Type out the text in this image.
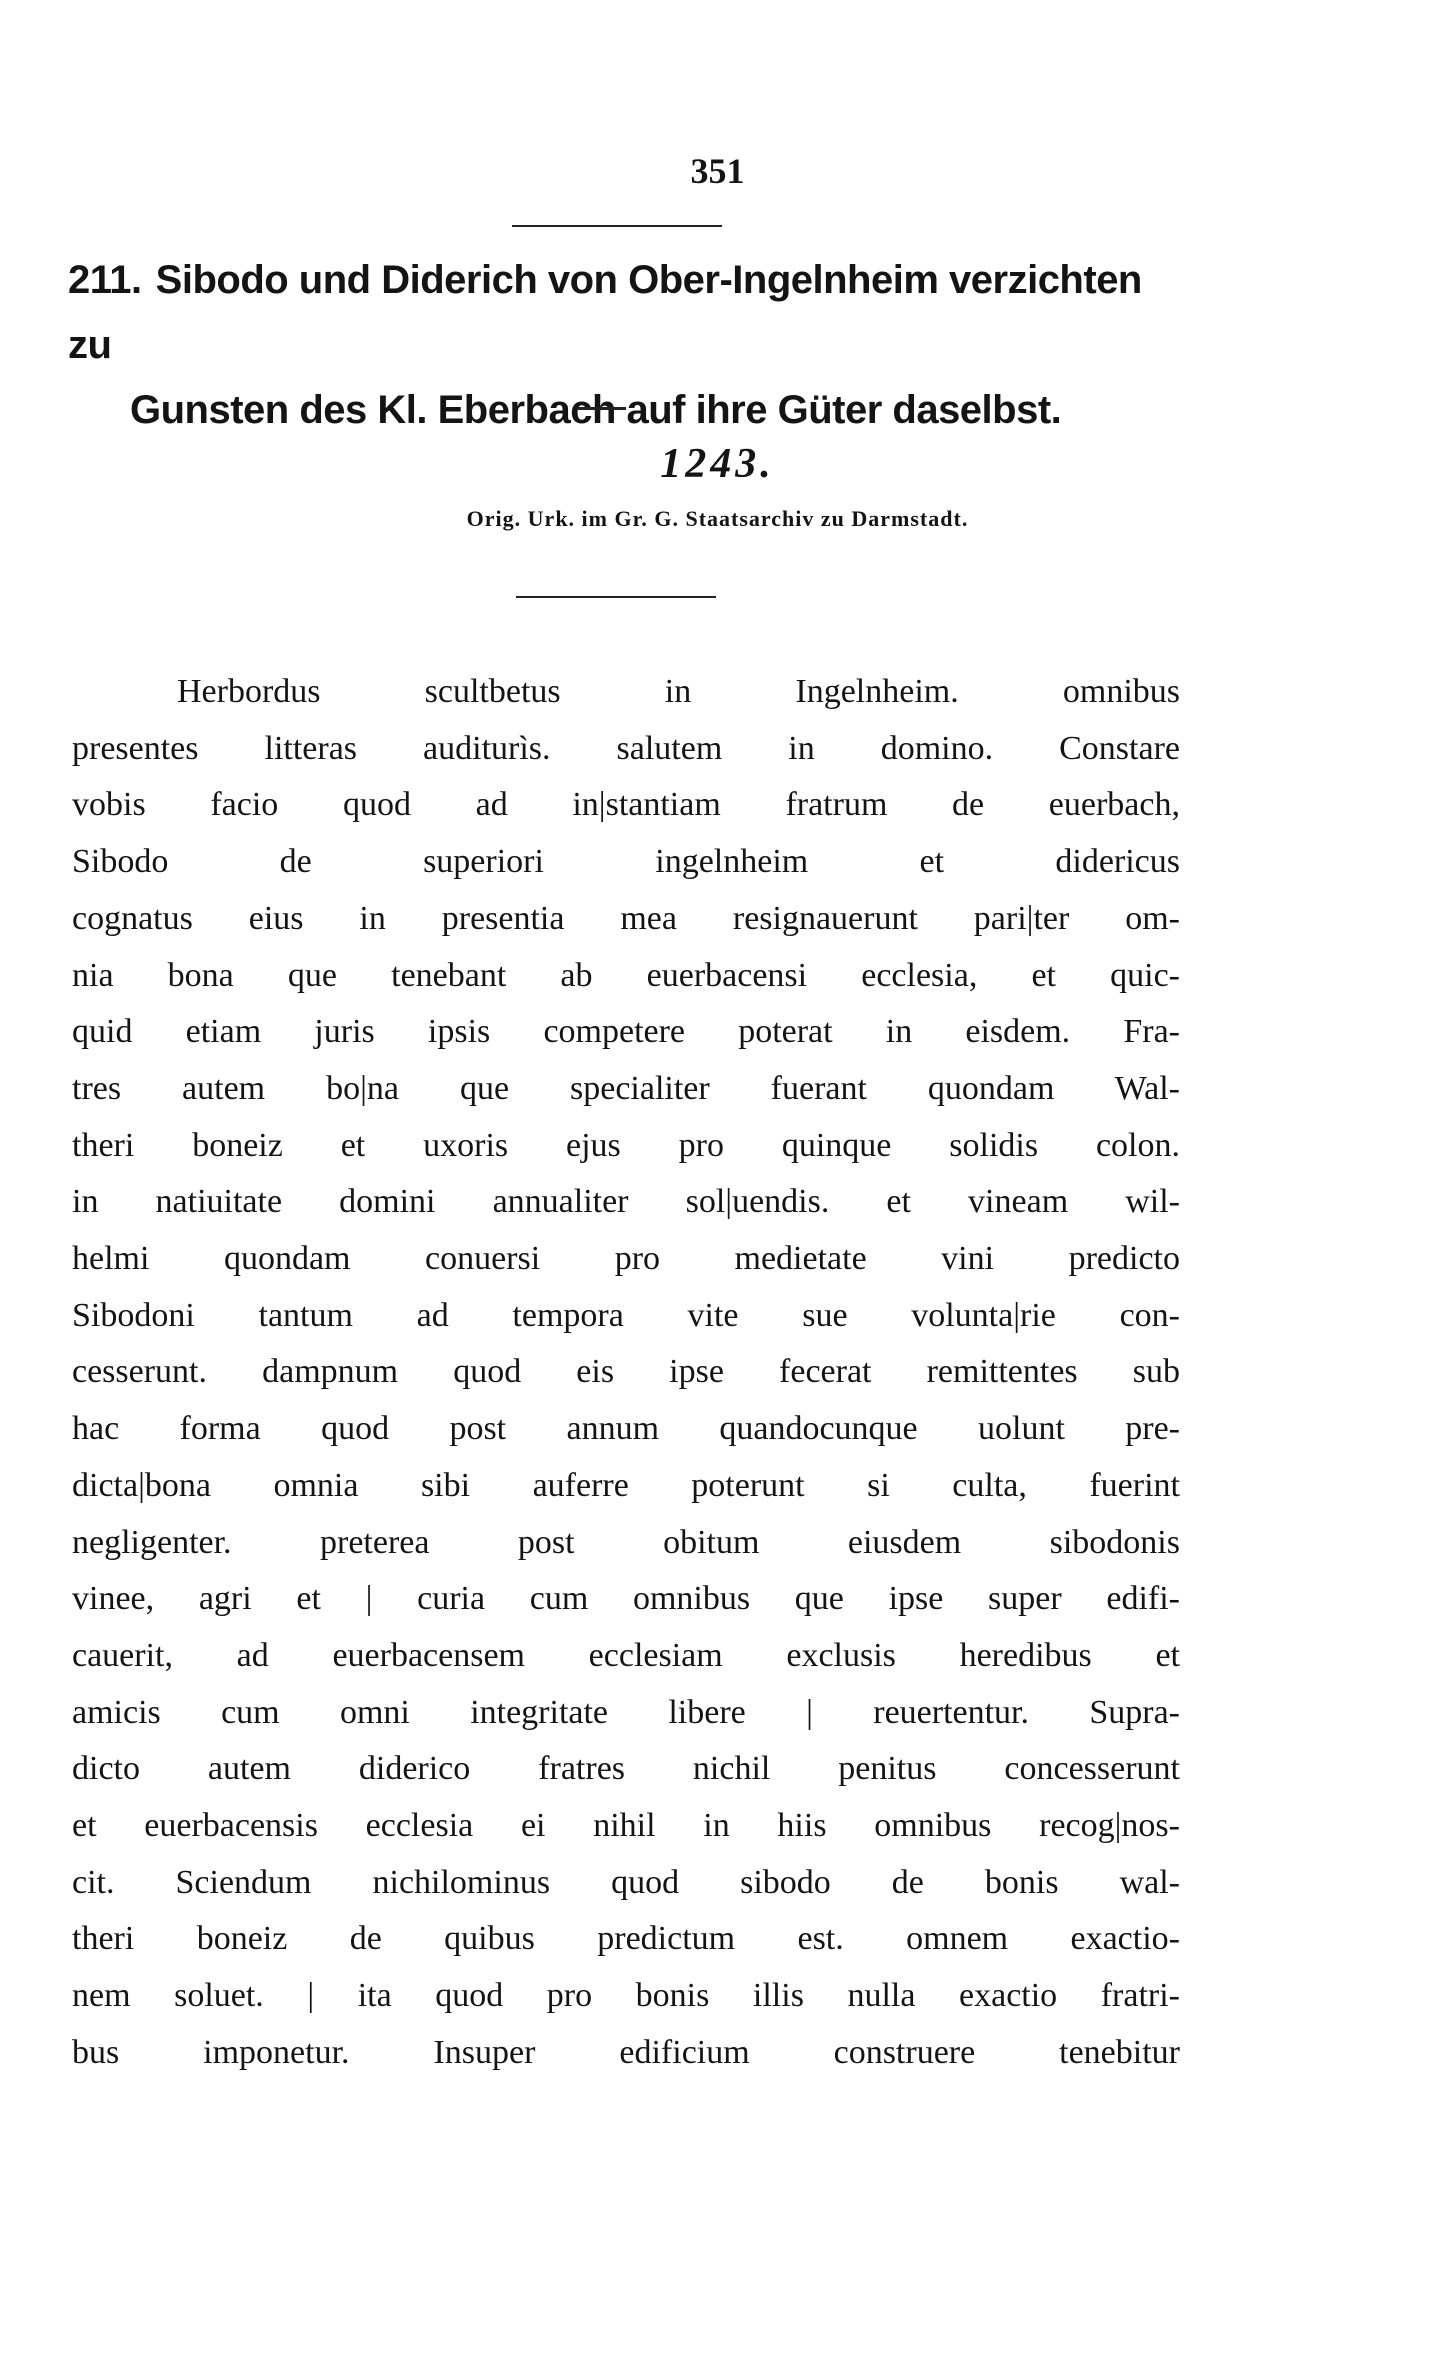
351
211. Sibodo und Diderich von Ober-Ingelnheim verzichten zu
Gunsten des Kl. Eberbach auf ihre Güter daselbst.
1243.
Orig. Urk. im Gr. G. Staatsarchiv zu Darmstadt.
Herbordus scultbetus in Ingelnheim. omnibus
presentes litteras auditurìs. salutem in domino. Constare
vobis facio quod ad in|stantiam fratrum de euerbach,
Sibodo de superiori ingelnheim et didericus
cognatus eius in presentia mea resignauerunt pari|ter om-
nia bona que tenebant ab euerbacensi ecclesia, et quic-
quid etiam juris ipsis competere poterat in eisdem. Fra-
tres autem bo|na que specialiter fuerant quondam Wal-
theri boneiz et uxoris ejus pro quinque solidis colon.
in natiuitate domini annualiter sol|uendis. et vineam wil-
helmi quondam conuersi pro medietate vini predicto
Sibodoni tantum ad tempora vite sue volunta|rie con-
cesserunt. dampnum quod eis ipse fecerat remittentes sub
hac forma quod post annum quandocunque uolunt pre-
dicta|bona omnia sibi auferre poterunt si culta, fuerint
negligenter. preterea post obitum eiusdem sibodonis
vinee, agri et | curia cum omnibus que ipse super edifi-
cauerit, ad euerbacensem ecclesiam exclusis heredibus et
amicis cum omni integritate libere | reuertentur. Supra-
dicto autem diderico fratres nichil penitus concesserunt
et euerbacensis ecclesia ei nihil in hiis omnibus recog|nos-
cit. Sciendum nichilominus quod sibodo de bonis wal-
theri boneiz de quibus predictum est. omnem exactio-
nem soluet. | ita quod pro bonis illis nulla exactio fratri-
bus imponetur. Insuper edificium construere tenebitur
